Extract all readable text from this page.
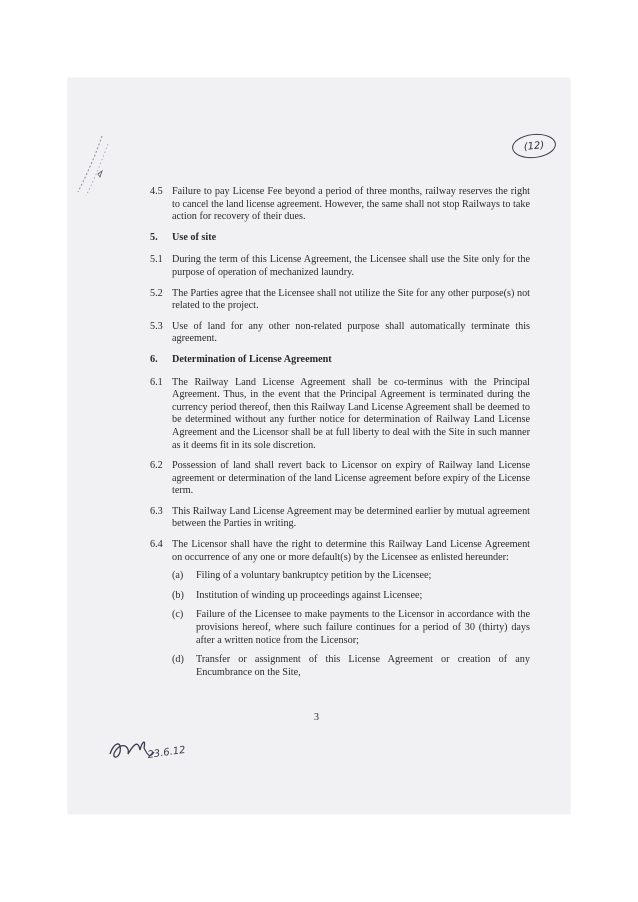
(12)
4.5 Failure to pay License Fee beyond a period of three months, railway reserves the right to cancel the land license agreement. However, the same shall not stop Railways to take action for recovery of their dues.
5.	Use of site
5.1 During the term of this License Agreement, the Licensee shall use the Site only for the purpose of operation of mechanized laundry.
5.2 The Parties agree that the Licensee shall not utilize the Site for any other purpose(s) not related to the project.
5.3 Use of land for any other non-related purpose shall automatically terminate this agreement.
6.	Determination of License Agreement
6.1 The Railway Land License Agreement shall be co-terminus with the Principal Agreement. Thus, in the event that the Principal Agreement is terminated during the currency period thereof, then this Railway Land License Agreement shall be deemed to be determined without any further notice for determination of Railway Land License Agreement and the Licensor shall be at full liberty to deal with the Site in such manner as it deems fit in its sole discretion.
6.2 Possession of land shall revert back to Licensor on expiry of Railway land License agreement or determination of the land License agreement before expiry of the License term.
6.3 This Railway Land License Agreement may be determined earlier by mutual agreement between the Parties in writing.
6.4 The Licensor shall have the right to determine this Railway Land License Agreement on occurrence of any one or more default(s) by the Licensee as enlisted hereunder:
(a)	Filing of a voluntary bankruptcy petition by the Licensee;
(b)	Institution of winding up proceedings against Licensee;
(c)	Failure of the Licensee to make payments to the Licensor in accordance with the provisions hereof, where such failure continues for a period of 30 (thirty) days after a written notice from the Licensor;
(d)	Transfer or assignment of this License Agreement or creation of any Encumbrance on the Site,
3
23.6.12
